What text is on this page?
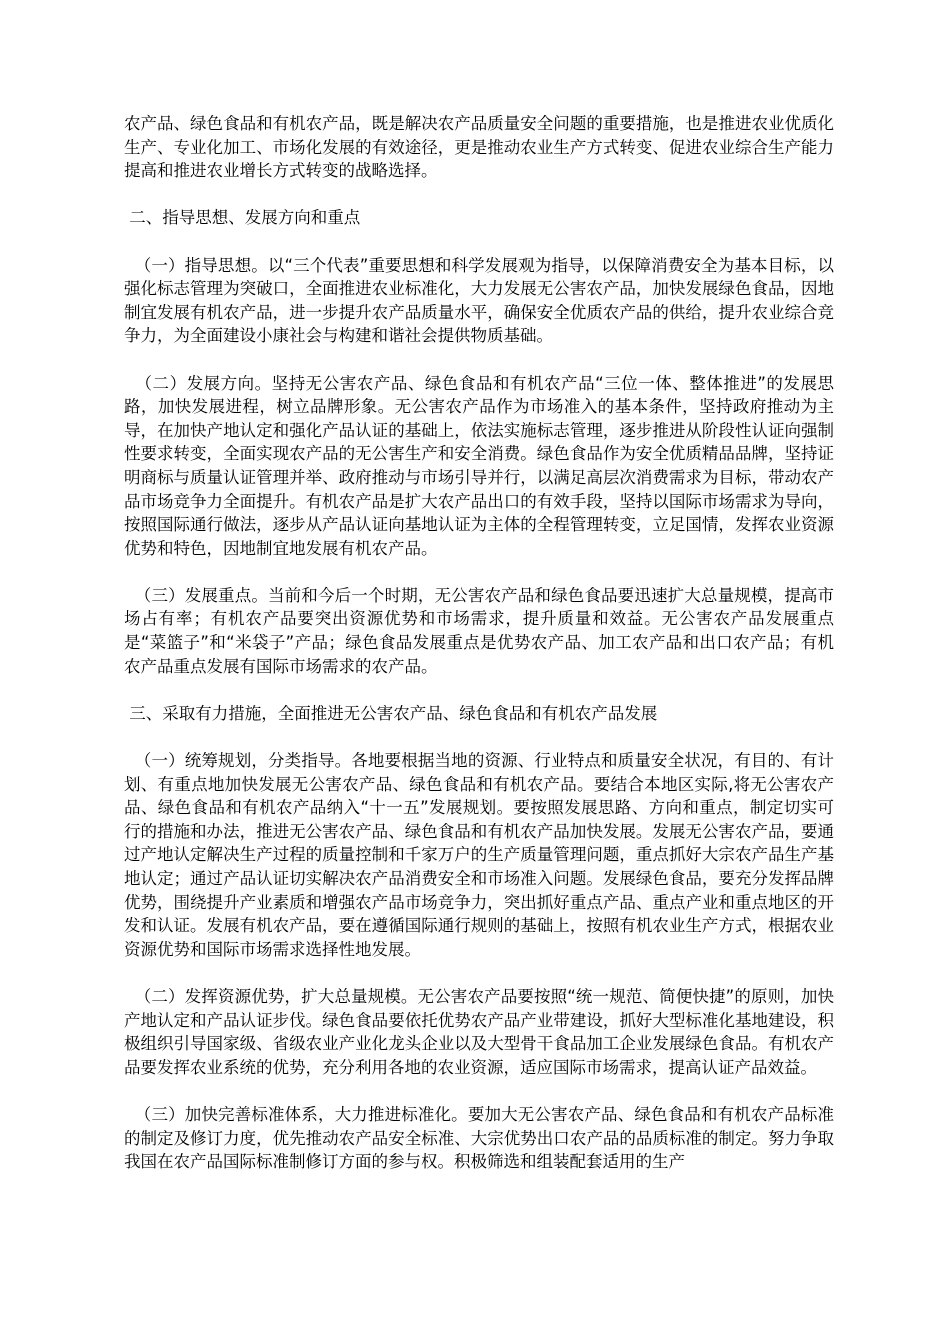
农产品、绿色食品和有机农产品，既是解决农产品质量安全问题的重要措施，也是推进农业优质化生产、专业化加工、市场化发展的有效途径，更是推动农业生产方式转变、促进农业综合生产能力提高和推进农业增长方式转变的战略选择。

二、指导思想、发展方向和重点

（一）指导思想。以“三个代表”重要思想和科学发展观为指导，以保障消费安全为基本目标，以强化标志管理为突破口，全面推进农业标准化，大力发展无公害农产品，加快发展绿色食品，因地制宜发展有机农产品，进一步提升农产品质量水平，确保安全优质农产品的供给，提升农业综合竞争力，为全面建设小康社会与构建和谐社会提供物质基础。

（二）发展方向。坚持无公害农产品、绿色食品和有机农产品“三位一体、整体推进”的发展思路，加快发展进程，树立品牌形象。无公害农产品作为市场准入的基本条件，坚持政府推动为主导，在加快产地认定和强化产品认证的基础上，依法实施标志管理，逐步推进从阶段性认证向强制性要求转变，全面实现农产品的无公害生产和安全消费。绿色食品作为安全优质精品品牌，坚持证明商标与质量认证管理并举、政府推动与市场引导并行，以满足高层次消费需求为目标，带动农产品市场竞争力全面提升。有机农产品是扩大农产品出口的有效手段，坚持以国际市场需求为导向，按照国际通行做法，逐步从产品认证向基地认证为主体的全程管理转变，立足国情，发挥农业资源优势和特色，因地制宜地发展有机农产品。

（三）发展重点。当前和今后一个时期，无公害农产品和绿色食品要迅速扩大总量规模，提高市场占有率；有机农产品要突出资源优势和市场需求，提升质量和效益。无公害农产品发展重点是“菜篮子”和“米袋子”产品；绿色食品发展重点是优势农产品、加工农产品和出口农产品；有机农产品重点发展有国际市场需求的农产品。

三、采取有力措施，全面推进无公害农产品、绿色食品和有机农产品发展

（一）统筹规划，分类指导。各地要根据当地的资源、行业特点和质量安全状况，有目的、有计划、有重点地加快发展无公害农产品、绿色食品和有机农产品。要结合本地区实际,将无公害农产品、绿色食品和有机农产品纳入“十一五”发展规划。要按照发展思路、方向和重点，制定切实可行的措施和办法，推进无公害农产品、绿色食品和有机农产品加快发展。发展无公害农产品，要通过产地认定解决生产过程的质量控制和千家万户的生产质量管理问题，重点抓好大宗农产品生产基地认定；通过产品认证切实解决农产品消费安全和市场准入问题。发展绿色食品，要充分发挥品牌优势，围绕提升产业素质和增强农产品市场竞争力，突出抓好重点产品、重点产业和重点地区的开发和认证。发展有机农产品，要在遵循国际通行规则的基础上，按照有机农业生产方式，根据农业资源优势和国际市场需求选择性地发展。

（二）发挥资源优势，扩大总量规模。无公害农产品要按照“统一规范、简便快捷”的原则，加快产地认定和产品认证步伐。绿色食品要依托优势农产品产业带建设，抓好大型标准化基地建设，积极组织引导国家级、省级农业产业化龙头企业以及大型骨干食品加工企业发展绿色食品。有机农产品要发挥农业系统的优势，充分利用各地的农业资源，适应国际市场需求，提高认证产品效益。

（三）加快完善标准体系，大力推进标准化。要加大无公害农产品、绿色食品和有机农产品标准的制定及修订力度，优先推动农产品安全标准、大宗优势出口农产品的品质标准的制定。努力争取我国在农产品国际标准制修订方面的参与权。积极筛选和组装配套适用的生产
